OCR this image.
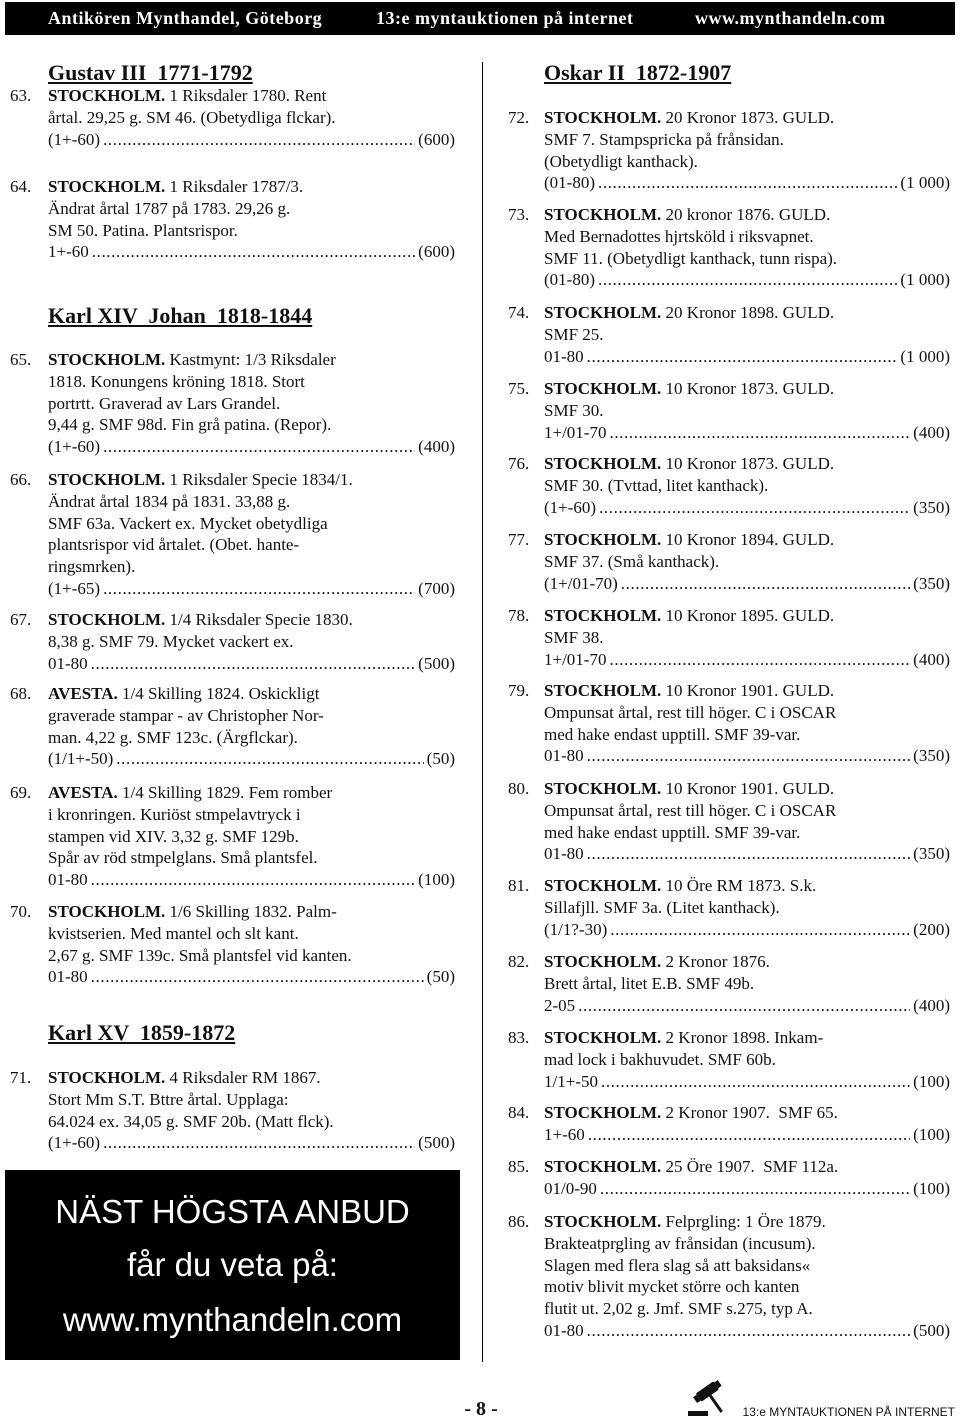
Antikören Mynthandel, Göteborg	13:e myntauktionen på internet	www.mynthandeln.com
Gustav III  1771-1792
63. STOCKHOLM. 1 Riksdaler 1780. Rent
årtal. 29,25 g. SM 46. (Obetydliga flckar).
(1+-60) .....	(600)
64. STOCKHOLM. 1 Riksdaler 1787/3.
Ändrat årtal 1787 på 1783. 29,26 g.
SM 50. Patina. Plantsrispor.
1+-60 .....	(600)
Karl XIV  Johan  1818-1844
65. STOCKHOLM. Kastmynt: 1/3 Riksdaler
1818. Konungens kröning 1818. Stort
portrtt. Graverad av Lars Grandel.
9,44 g. SMF 98d. Fin grå patina. (Repor).
(1+-60) .....	(400)
66. STOCKHOLM. 1 Riksdaler Specie 1834/1.
Ändrat årtal 1834 på 1831. 33,88 g.
SMF 63a. Vackert ex. Mycket obetydliga
plantsrispor vid årtalet. (Obet. hante-
ringsmrken).
(1+-65) .....	(700)
67. STOCKHOLM. 1/4 Riksdaler Specie 1830.
8,38 g. SMF 79. Mycket vackert ex.
01-80 .....	(500)
68. AVESTA. 1/4 Skilling 1824. Oskickligt
graverade stampar - av Christopher Nor-
man. 4,22 g. SMF 123c. (Ärgflckar).
(1/1+-50) .....	(50)
69. AVESTA. 1/4 Skilling 1829. Fem romber
i kronringen. Kuriöst stmpelavtryck i
stampen vid XIV. 3,32 g. SMF 129b.
Spår av röd stmpelglans. Små plantsfel.
01-80 .....	(100)
70. STOCKHOLM. 1/6 Skilling 1832. Palm-
kvistserien. Med mantel och slt kant.
2,67 g. SMF 139c. Små plantsfel vid kanten.
01-80 .....	(50)
Karl XV  1859-1872
71. STOCKHOLM. 4 Riksdaler RM 1867.
Stort Mm S.T. Bttre årtal. Upplaga:
64.024 ex. 34,05 g. SMF 20b. (Matt flck).
(1+-60) .....	(500)
Oskar II  1872-1907
72. STOCKHOLM. 20 Kronor 1873. GULD.
SMF 7. Stampspricka på frånsidan.
(Obetydligt kanthack).
(01-80) .....	(1 000)
73. STOCKHOLM. 20 kronor 1876. GULD.
Med Bernadottes hjrtsköld i riksvapnet.
SMF 11. (Obetydligt kanthack, tunn rispa).
(01-80) .....	(1 000)
74. STOCKHOLM. 20 Kronor 1898. GULD.
SMF 25.
01-80 .....	(1 000)
75. STOCKHOLM. 10 Kronor 1873. GULD.
SMF 30.
1+/01-70 .....	(400)
76. STOCKHOLM. 10 Kronor 1873. GULD.
SMF 30. (Tvttad, litet kanthack).
(1+-60) .....	(350)
77. STOCKHOLM. 10 Kronor 1894. GULD.
SMF 37. (Små kanthack).
(1+/01-70) .....	(350)
78. STOCKHOLM. 10 Kronor 1895. GULD.
SMF 38.
1+/01-70 .....	(400)
79. STOCKHOLM. 10 Kronor 1901. GULD.
Ompunsat årtal, rest till höger. C i OSCAR
med hake endast upptill. SMF 39-var.
01-80 .....	(350)
80. STOCKHOLM. 10 Kronor 1901. GULD.
Ompunsat årtal, rest till höger. C i OSCAR
med hake endast upptill. SMF 39-var.
01-80 .....	(350)
81. STOCKHOLM. 10 Öre RM 1873. S.k.
Sillafjll. SMF 3a. (Litet kanthack).
(1/1?-30) .....	(200)
82. STOCKHOLM. 2 Kronor 1876.
Brett årtal, litet E.B. SMF 49b.
2-05 .....	(400)
83. STOCKHOLM. 2 Kronor 1898. Inkam-
mad lock i bakhuvudet. SMF 60b.
1/1+-50 .....	(100)
84. STOCKHOLM. 2 Kronor 1907.  SMF 65.
1+-60 .....	(100)
85. STOCKHOLM. 25 Öre 1907.  SMF 112a.
01/0-90 .....	(100)
86. STOCKHOLM. Felprgling: 1 Öre 1879.
Brakteatprgling av frånsidan (incusum).
Slagen med flera slag så att baksidans«
motiv blivit mycket större och kanten
flutit ut. 2,02 g. Jmf. SMF s.275, typ A.
01-80 .....	(500)
NÄST HÖGSTA ANBUD
får du veta på:
www.mynthandeln.com
- 8 -	13:e MYNTAUKTIONEN PÅ INTERNET
